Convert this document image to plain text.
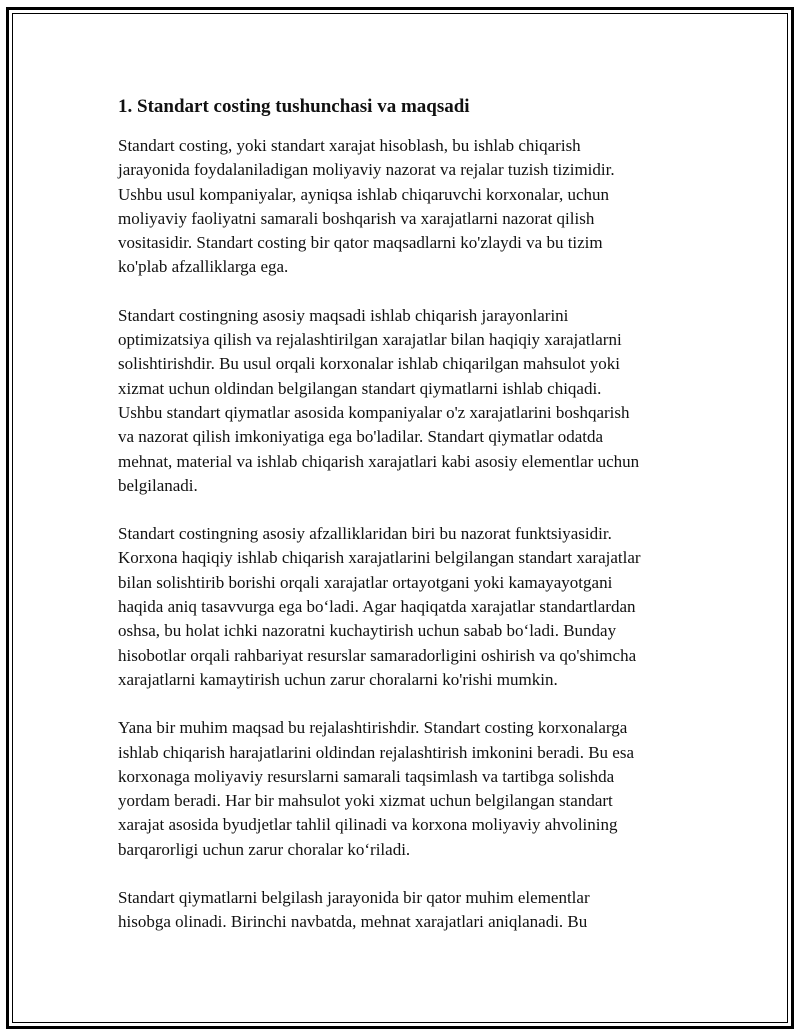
1. Standart costing tushunchasi va maqsadi

Standart costing, yoki standart xarajat hisoblash, bu ishlab chiqarish
jarayonida foydalaniladigan moliyaviy nazorat va rejalar tuzish tizimidir.
Ushbu usul kompaniyalar, ayniqsa ishlab chiqaruvchi korxonalar, uchun
moliyaviy faoliyatni samarali boshqarish va xarajatlarni nazorat qilish
vositasidir. Standart costing bir qator maqsadlarni ko'zlaydi va bu tizim
ko'plab afzalliklarga ega.

Standart costingning asosiy maqsadi ishlab chiqarish jarayonlarini
optimizatsiya qilish va rejalashtirilgan xarajatlar bilan haqiqiy xarajatlarni
solishtirishdir. Bu usul orqali korxonalar ishlab chiqarilgan mahsulot yoki
xizmat uchun oldindan belgilangan standart qiymatlarni ishlab chiqadi.
Ushbu standart qiymatlar asosida kompaniyalar o'z xarajatlarini boshqarish
va nazorat qilish imkoniyatiga ega bo'ladilar. Standart qiymatlar odatda
mehnat, material va ishlab chiqarish xarajatlari kabi asosiy elementlar uchun
belgilanadi.

Standart costingning asosiy afzalliklaridan biri bu nazorat funktsiyasidir.
Korxona haqiqiy ishlab chiqarish xarajatlarini belgilangan standart xarajatlar
bilan solishtirib borishi orqali xarajatlar ortayotgani yoki kamayayotgani
haqida aniq tasavvurga ega bo‘ladi. Agar haqiqatda xarajatlar standartlardan
oshsa, bu holat ichki nazoratni kuchaytirish uchun sabab bo‘ladi. Bunday
hisobotlar orqali rahbariyat resurslar samaradorligini oshirish va qo'shimcha
xarajatlarni kamaytirish uchun zarur choralarni ko'rishi mumkin.

Yana bir muhim maqsad bu rejalashtirishdir. Standart costing korxonalarga
ishlab chiqarish harajatlarini oldindan rejalashtirish imkonini beradi. Bu esa
korxonaga moliyaviy resurslarni samarali taqsimlash va tartibga solishda
yordam beradi. Har bir mahsulot yoki xizmat uchun belgilangan standart
xarajat asosida byudjetlar tahlil qilinadi va korxona moliyaviy ahvolining
barqarorligi uchun zarur choralar ko‘riladi.

Standart qiymatlarni belgilash jarayonida bir qator muhim elementlar
hisobga olinadi. Birinchi navbatda, mehnat xarajatlari aniqlanadi. Bu
